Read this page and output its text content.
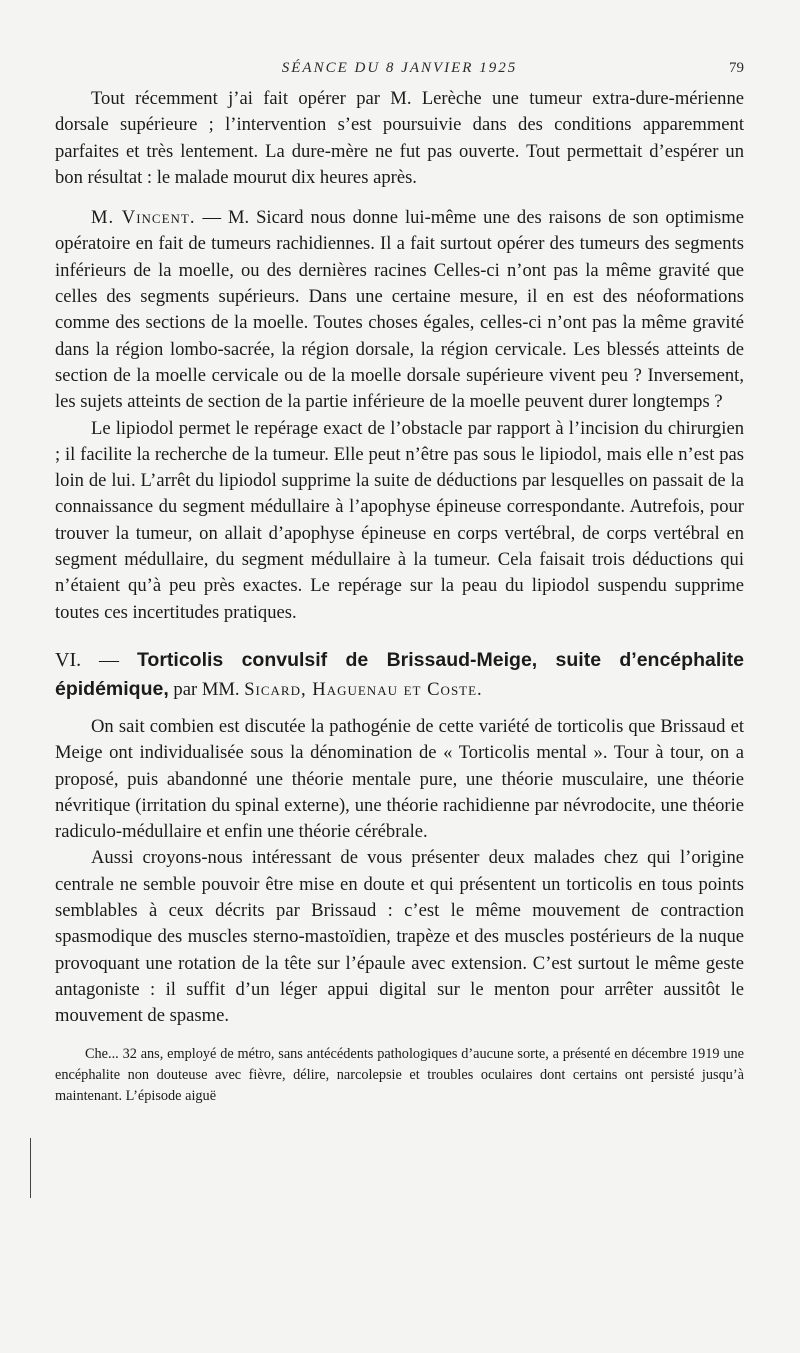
SÉANCE DU 8 JANVIER 1925	79

Tout récemment j’ai fait opérer par M. Lerèche une tumeur extra-dure-mérienne dorsale supérieure ; l’intervention s’est poursuivie dans des conditions apparemment parfaites et très lentement. La dure-mère ne fut pas ouverte. Tout permettait d’espérer un bon résultat : le malade mourut dix heures après.

M. Vincent. — M. Sicard nous donne lui-même une des raisons de son optimisme opératoire en fait de tumeurs rachidiennes. Il a fait surtout opérer des tumeurs des segments inférieurs de la moelle, ou des dernières racines Celles-ci n’ont pas la même gravité que celles des segments supérieurs. Dans une certaine mesure, il en est des néoformations comme des sections de la moelle. Toutes choses égales, celles-ci n’ont pas la même gravité dans la région lombo-sacrée, la région dorsale, la région cervicale. Les blessés atteints de section de la moelle cervicale ou de la moelle dorsale supérieure vivent peu ? Inversement, les sujets atteints de section de la partie inférieure de la moelle peuvent durer longtemps ?

Le lipiodol permet le repérage exact de l’obstacle par rapport à l’incision du chirurgien ; il facilite la recherche de la tumeur. Elle peut n’être pas sous le lipiodol, mais elle n’est pas loin de lui. L’arrêt du lipiodol supprime la suite de déductions par lesquelles on passait de la connaissance du segment médullaire à l’apophyse épineuse correspondante. Autrefois, pour trouver la tumeur, on allait d’apophyse épineuse en corps vertébral, de corps vertébral en segment médullaire, du segment médullaire à la tumeur. Cela faisait trois déductions qui n’étaient qu’à peu près exactes. Le repérage sur la peau du lipiodol suspendu supprime toutes ces incertitudes pratiques.

VI. — Torticolis convulsif de Brissaud-Meige, suite d’encéphalite épidémique, par MM. Sicard, Haguenau et Coste.

On sait combien est discutée la pathogénie de cette variété de torticolis que Brissaud et Meige ont individualisée sous la dénomination de « Torticolis mental ». Tour à tour, on a proposé, puis abandonné une théorie mentale pure, une théorie musculaire, une théorie névritique (irritation du spinal externe), une théorie rachidienne par névrodocite, une théorie radiculo-médullaire et enfin une théorie cérébrale.

Aussi croyons-nous intéressant de vous présenter deux malades chez qui l’origine centrale ne semble pouvoir être mise en doute et qui présentent un torticolis en tous points semblables à ceux décrits par Brissaud : c’est le même mouvement de contraction spasmodique des muscles sterno-mastoïdien, trapèze et des muscles postérieurs de la nuque provoquant une rotation de la tête sur l’épaule avec extension. C’est surtout le même geste antagoniste : il suffit d’un léger appui digital sur le menton pour arrêter aussitôt le mouvement de spasme.

Che... 32 ans, employé de métro, sans antécédents pathologiques d’aucune sorte, a présenté en décembre 1919 une encéphalite non douteuse avec fièvre, délire, narcolepsie et troubles oculaires dont certains ont persisté jusqu’à maintenant. L’épisode aiguë
